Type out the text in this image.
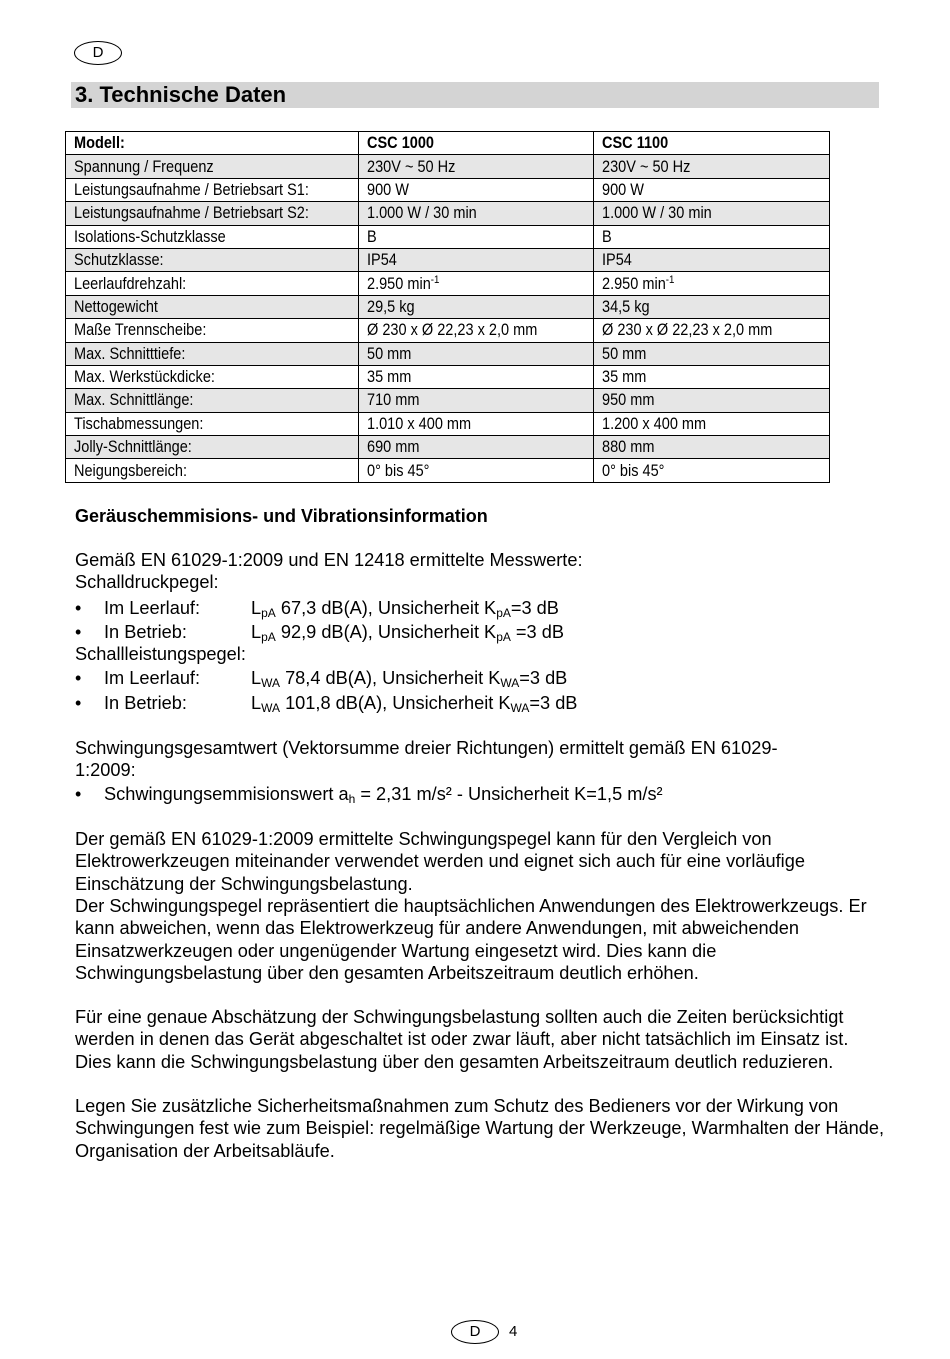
D
3. Technische Daten
Modell:	CSC 1000	CSC 1100
Spannung / Frequenz	230V ~ 50 Hz	230V ~ 50 Hz
Leistungsaufnahme / Betriebsart S1:	900 W	900 W
Leistungsaufnahme / Betriebsart S2:	1.000 W / 30 min	1.000 W / 30 min
Isolations-Schutzklasse	B	B
Schutzklasse:	IP54	IP54
Leerlaufdrehzahl:	2.950 $\min^{-1}$	2.950 $\min^{-1}$
Nettogewicht	29,5 kg	34,5 kg
Maße Trennscheibe:	Ø 230 x Ø 22,23 x 2,0 mm	Ø 230 x Ø 22,23 x 2,0 mm
Max. Schnitttiefe:	50 mm	50 mm
Max. Werkstückdicke:	35 mm	35 mm
Max. Schnittlänge:	710 mm	950 mm
Tischabmessungen:	1.010 x 400 mm	1.200 x 400 mm
Jolly-Schnittlänge:	690 mm	880 mm
Neigungsbereich:	0° bis 45°	0° bis 45°
Geräuschemmisions- und Vibrationsinformation
Gemäß EN 61029-1:2009 und EN 12418 ermittelte Messwerte:
Schalldruckpegel:
• Im Leerlauf:	$L_{pA}$ 67,3 dB(A), Unsicherheit $K_{pA}=3$ dB
• In Betrieb:	$L_{pA}$ 92,9 dB(A), Unsicherheit $K_{pA} =3$ dB
Schallleistungspegel:
• Im Leerlauf:	$L_{WA}$ 78,4 dB(A), Unsicherheit $K_{WA}=3$ dB
• In Betrieb:	$L_{WA}$ 101,8 dB(A), Unsicherheit $K_{WA}=3$ dB
Schwingungsgesamtwert (Vektorsumme dreier Richtungen) ermittelt gemäß EN 61029-
1:2009:
• Schwingungsemmisionswert $a_h = 2,31$ m/s² - Unsicherheit K=1,5 m/s²
Der gemäß EN 61029-1:2009 ermittelte Schwingungspegel kann für den Vergleich von Elektrowerkzeugen miteinander verwendet werden und eignet sich auch für eine vorläufige Einschätzung der Schwingungsbelastung.
Der Schwingungspegel repräsentiert die hauptsächlichen Anwendungen des Elektrowerkzeugs. Er kann abweichen, wenn das Elektrowerkzeug für andere Anwendungen, mit abweichenden Einsatzwerkzeugen oder ungenügender Wartung eingesetzt wird. Dies kann die Schwingungsbelastung über den gesamten Arbeitszeitraum deutlich erhöhen.
Für eine genaue Abschätzung der Schwingungsbelastung sollten auch die Zeiten berücksichtigt werden in denen das Gerät abgeschaltet ist oder zwar läuft, aber nicht tatsächlich im Einsatz ist. Dies kann die Schwingungsbelastung über den gesamten Arbeitszeitraum deutlich reduzieren.
Legen Sie zusätzliche Sicherheitsmaßnahmen zum Schutz des Bedieners vor der Wirkung von Schwingungen fest wie zum Beispiel: regelmäßige Wartung der Werkzeuge, Warmhalten der Hände, Organisation der Arbeitsabläufe.
D	4
